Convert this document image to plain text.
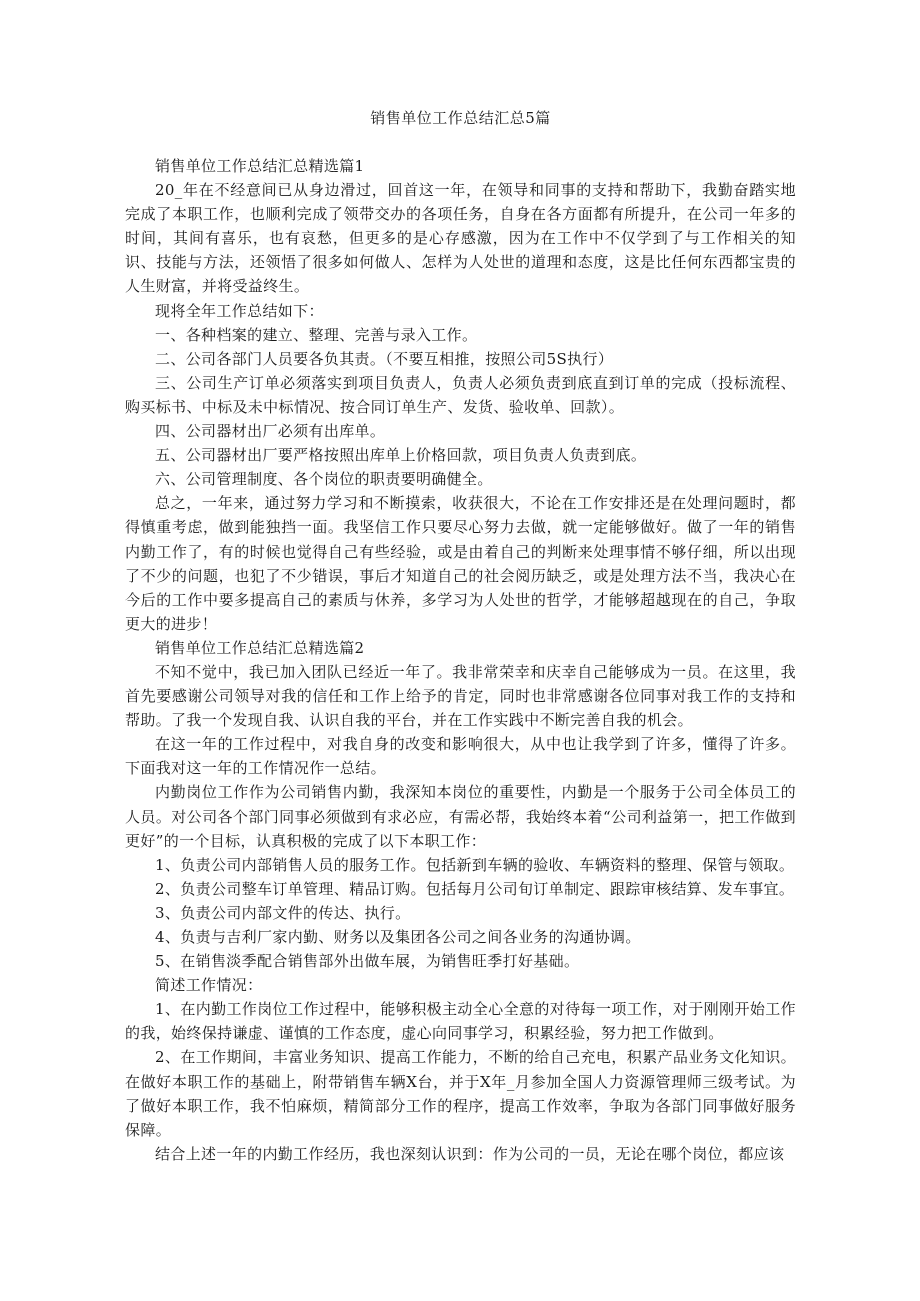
销售单位工作总结汇总5篇

销售单位工作总结汇总精选篇1

20_年在不经意间已从身边滑过，回首这一年，在领导和同事的支持和帮助下，我勤奋踏实地完成了本职工作，也顺利完成了领带交办的各项任务，自身在各方面都有所提升，在公司一年多的时间，其间有喜乐，也有哀愁，但更多的是心存感激，因为在工作中不仅学到了与工作相关的知识、技能与方法，还领悟了很多如何做人、怎样为人处世的道理和态度，这是比任何东西都宝贵的人生财富，并将受益终生。

现将全年工作总结如下：

一、各种档案的建立、整理、完善与录入工作。

二、公司各部门人员要各负其责。（不要互相推，按照公司5S执行）

三、公司生产订单必须落实到项目负责人，负责人必须负责到底直到订单的完成（投标流程、购买标书、中标及未中标情况、按合同订单生产、发货、验收单、回款）。

四、公司器材出厂必须有出库单。

五、公司器材出厂要严格按照出库单上价格回款，项目负责人负责到底。

六、公司管理制度、各个岗位的职责要明确健全。

总之，一年来，通过努力学习和不断摸索，收获很大，不论在工作安排还是在处理问题时，都得慎重考虑，做到能独挡一面。我坚信工作只要尽心努力去做，就一定能够做好。做了一年的销售内勤工作了，有的时候也觉得自己有些经验，或是由着自己的判断来处理事情不够仔细，所以出现了不少的问题，也犯了不少错误，事后才知道自己的社会阅历缺乏，或是处理方法不当，我决心在今后的工作中要多提高自己的素质与休养，多学习为人处世的哲学，才能够超越现在的自己，争取更大的进步！

销售单位工作总结汇总精选篇2

不知不觉中，我已加入团队已经近一年了。我非常荣幸和庆幸自己能够成为一员。在这里，我首先要感谢公司领导对我的信任和工作上给予的肯定，同时也非常感谢各位同事对我工作的支持和帮助。了我一个发现自我、认识自我的平台，并在工作实践中不断完善自我的机会。

在这一年的工作过程中，对我自身的改变和影响很大，从中也让我学到了许多，懂得了许多。下面我对这一年的工作情况作一总结。

内勤岗位工作作为公司销售内勤，我深知本岗位的重要性，内勤是一个服务于公司全体员工的人员。对公司各个部门同事必须做到有求必应，有需必帮，我始终本着“公司利益第一，把工作做到更好”的一个目标，认真积极的完成了以下本职工作：

1、负责公司内部销售人员的服务工作。包括新到车辆的验收、车辆资料的整理、保管与领取。

2、负责公司整车订单管理、精品订购。包括每月公司旬订单制定、跟踪审核结算、发车事宜。

3、负责公司内部文件的传达、执行。

4、负责与吉利厂家内勤、财务以及集团各公司之间各业务的沟通协调。

5、在销售淡季配合销售部外出做车展，为销售旺季打好基础。

简述工作情况：

1、在内勤工作岗位工作过程中，能够积极主动全心全意的对待每一项工作，对于刚刚开始工作的我，始终保持谦虚、谨慎的工作态度，虚心向同事学习，积累经验，努力把工作做到。

2、在工作期间，丰富业务知识、提高工作能力，不断的给自己充电，积累产品业务文化知识。在做好本职工作的基础上，附带销售车辆X台，并于X年_月参加全国人力资源管理师三级考试。为了做好本职工作，我不怕麻烦，精简部分工作的程序，提高工作效率，争取为各部门同事做好服务保障。

结合上述一年的内勤工作经历，我也深刻认识到：作为公司的一员，无论在哪个岗位，都应该
